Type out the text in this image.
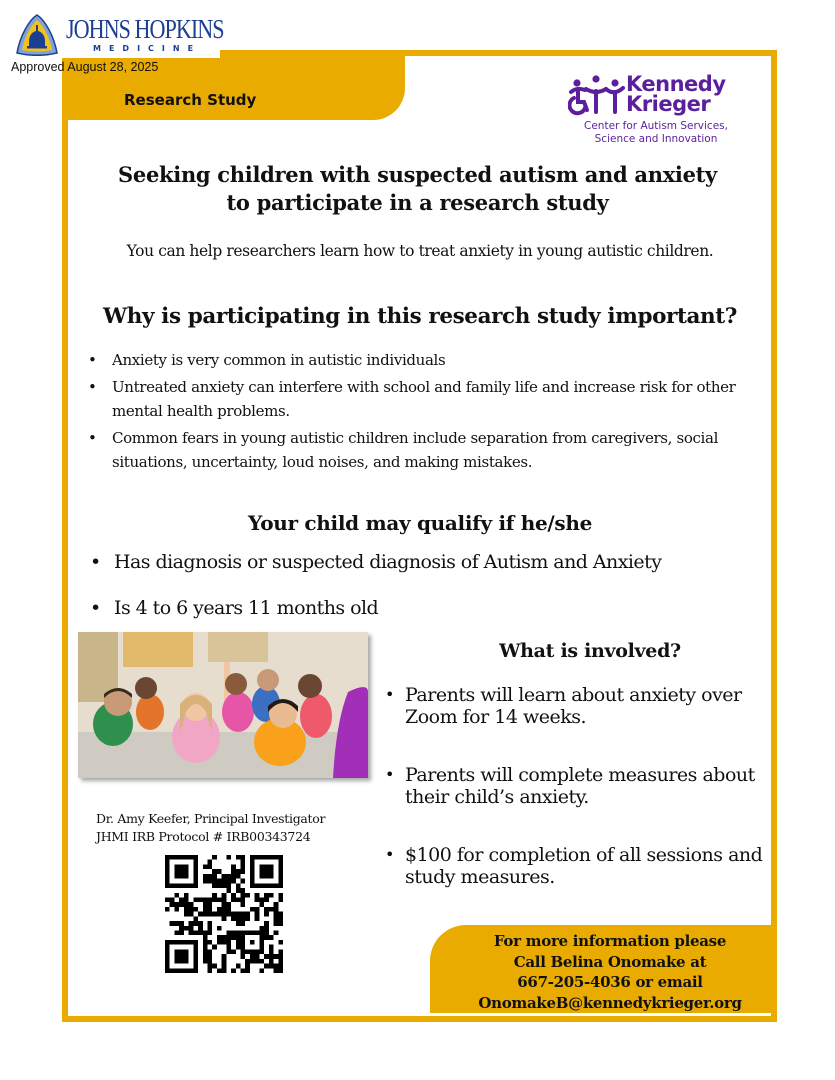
Research Study
JOHNS HOPKINS
MEDICINE
Approved August 28, 2025
Kennedy
Krieger
Center for Autism Services,
Science and Innovation
Seeking children with suspected autism and anxiety
to participate in a research study
You can help researchers learn how to treat anxiety in young autistic children.
Why is participating in this research study important?
• Anxiety is very common in autistic individuals
• Untreated anxiety can interfere with school and family life and increase risk for other mental health problems.
• Common fears in young autistic children include separation from caregivers, social situations, uncertainty, loud noises, and making mistakes.
Your child may qualify if he/she
• Has diagnosis or suspected diagnosis of Autism and Anxiety
• Is 4 to 6 years 11 months old
Dr. Amy Keefer, Principal Investigator
JHMI IRB Protocol # IRB00343724
What is involved?
• Parents will learn about anxiety over Zoom for 14 weeks.
• Parents will complete measures about their child’s anxiety.
• $100 for completion of all sessions and study measures.
For more information please
Call Belina Onomake at
667-205-4036 or email
OnomakeB@kennedykrieger.org
